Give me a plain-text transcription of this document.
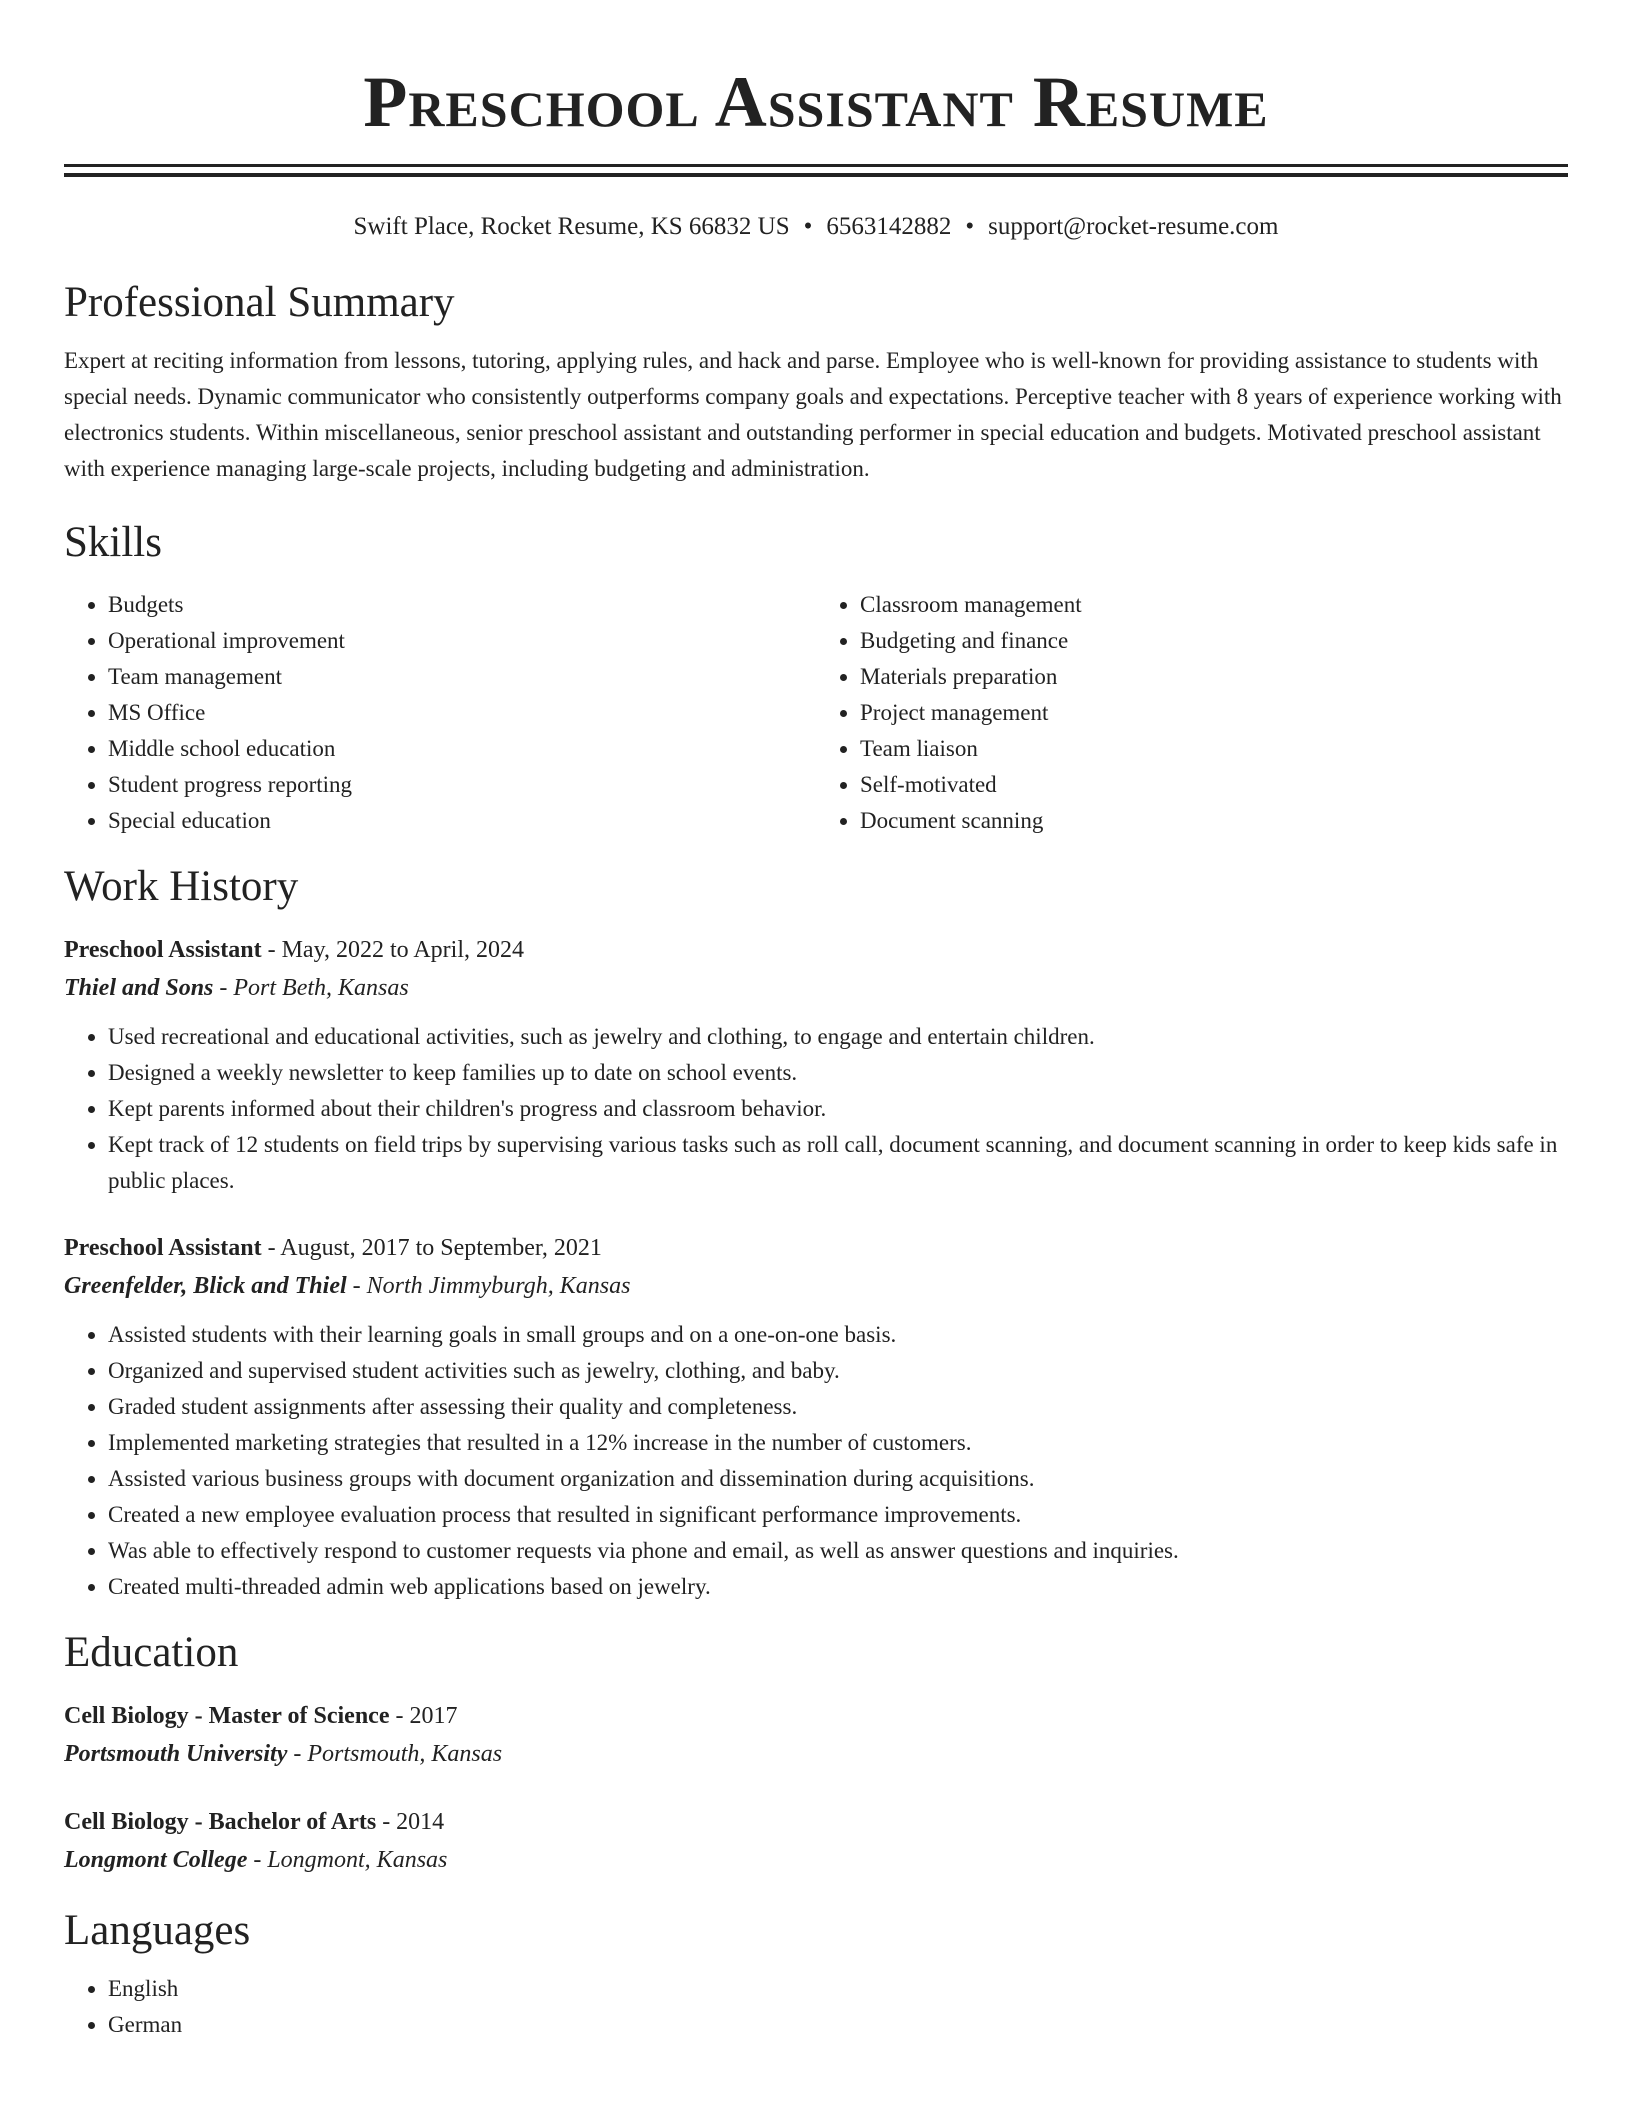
Preschool Assistant Resume
Swift Place, Rocket Resume, KS 66832 US • 6563142882 • support@rocket-resume.com
Professional Summary

Expert at reciting information from lessons, tutoring, applying rules, and hack and parse. Employee who is well-known for providing assistance to students with special needs. Dynamic communicator who consistently outperforms company goals and expectations. Perceptive teacher with 8 years of experience working with electronics students. Within miscellaneous, senior preschool assistant and outstanding performer in special education and budgets. Motivated preschool assistant with experience managing large-scale projects, including budgeting and administration.

Skills
• Budgets
• Operational improvement
• Team management
• MS Office
• Middle school education
• Student progress reporting
• Special education
• Classroom management
• Budgeting and finance
• Materials preparation
• Project management
• Team liaison
• Self-motivated
• Document scanning
Work History
Preschool Assistant - May, 2022 to April, 2024
Thiel and Sons - Port Beth, Kansas
• Used recreational and educational activities, such as jewelry and clothing, to engage and entertain children.
• Designed a weekly newsletter to keep families up to date on school events.
• Kept parents informed about their children's progress and classroom behavior.
• Kept track of 12 students on field trips by supervising various tasks such as roll call, document scanning, and document scanning in order to keep kids safe in public places.
Preschool Assistant - August, 2017 to September, 2021
Greenfelder, Blick and Thiel - North Jimmyburgh, Kansas
• Assisted students with their learning goals in small groups and on a one-on-one basis.
• Organized and supervised student activities such as jewelry, clothing, and baby.
• Graded student assignments after assessing their quality and completeness.
• Implemented marketing strategies that resulted in a 12% increase in the number of customers.
• Assisted various business groups with document organization and dissemination during acquisitions.
• Created a new employee evaluation process that resulted in significant performance improvements.
• Was able to effectively respond to customer requests via phone and email, as well as answer questions and inquiries.
• Created multi-threaded admin web applications based on jewelry.
Education
Cell Biology - Master of Science - 2017
Portsmouth University - Portsmouth, Kansas
Cell Biology - Bachelor of Arts - 2014
Longmont College - Longmont, Kansas
Languages
• English
• German
